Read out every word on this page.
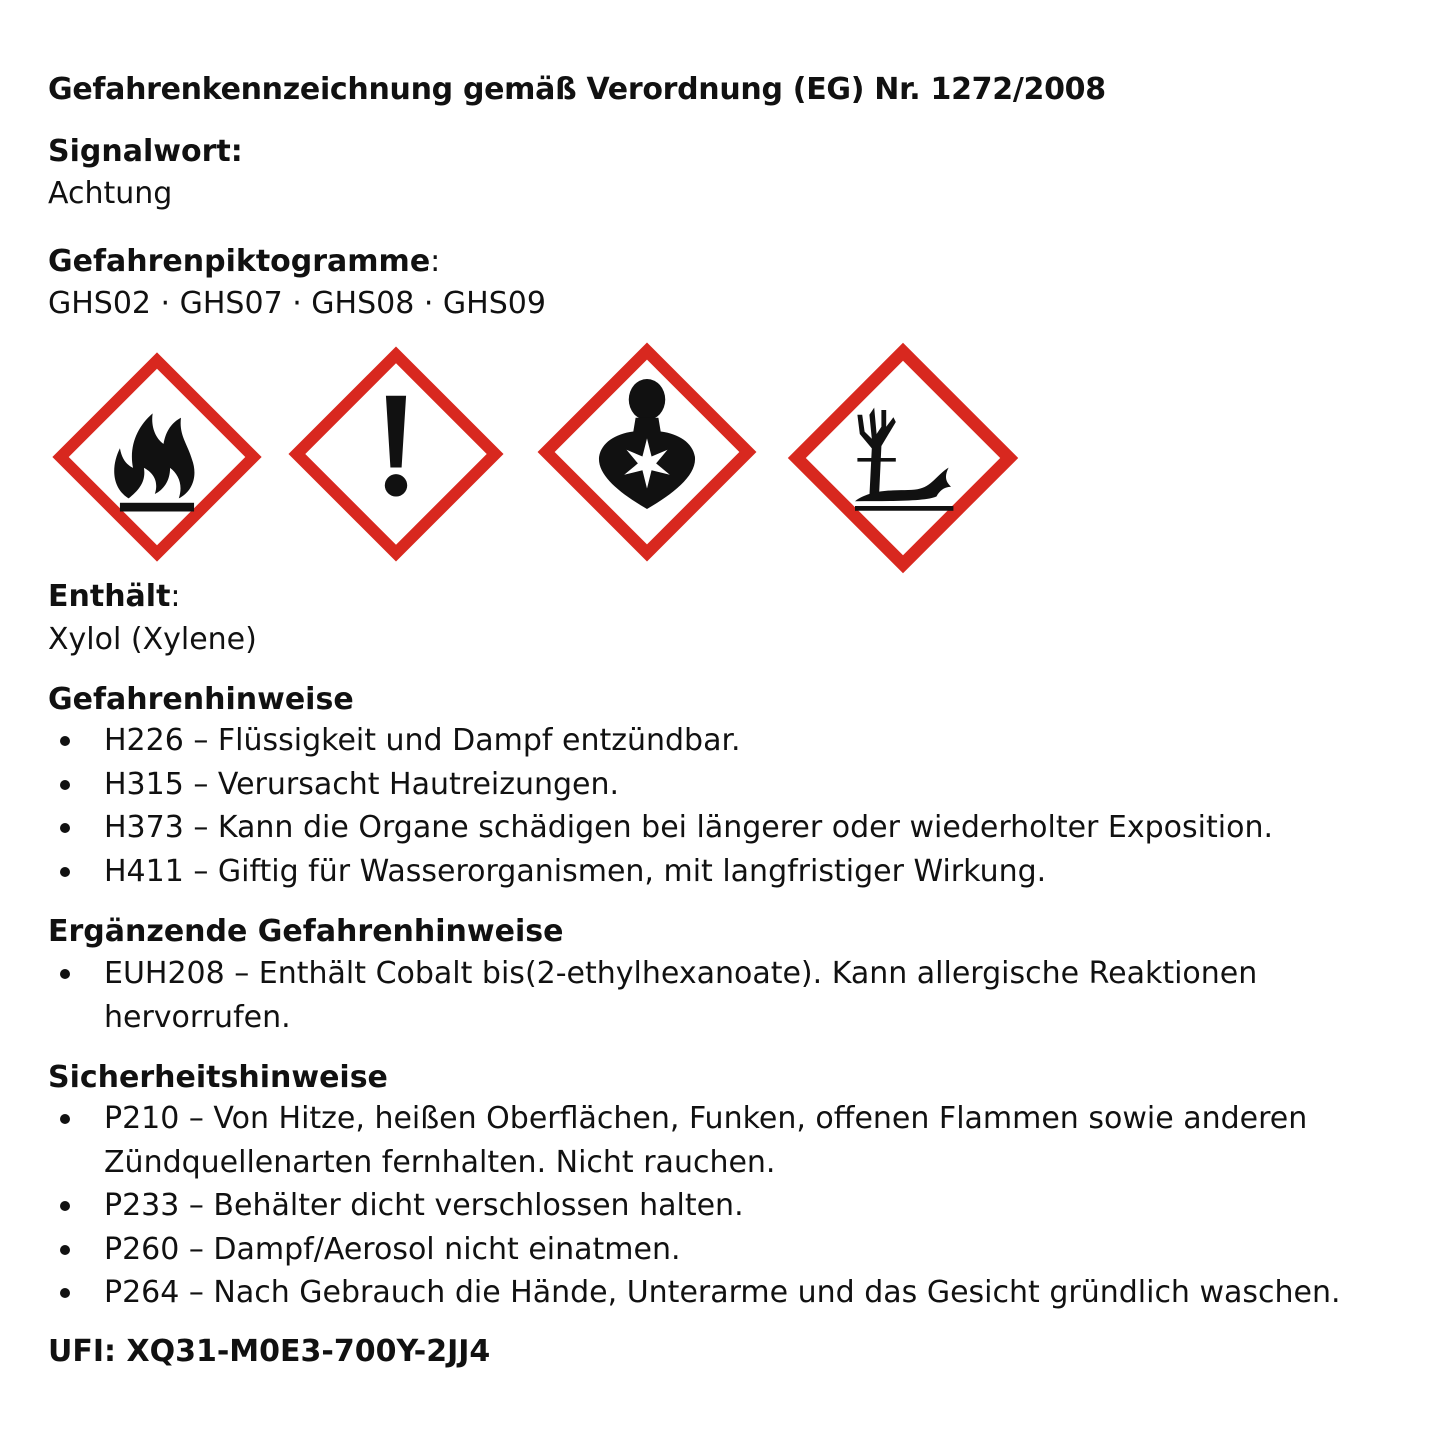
Gefahrenkennzeichnung gemäß Verordnung (EG) Nr. 1272/2008
Signalwort:
Achtung
Gefahrenpiktogramme:
GHS02 · GHS07 · GHS08 · GHS09
Enthält:
Xylol (Xylene)
Gefahrenhinweise
H226 – Flüssigkeit und Dampf entzündbar.
H315 – Verursacht Hautreizungen.
H373 – Kann die Organe schädigen bei längerer oder wiederholter Exposition.
H411 – Giftig für Wasserorganismen, mit langfristiger Wirkung.
Ergänzende Gefahrenhinweise
EUH208 – Enthält Cobalt bis(2-ethylhexanoate). Kann allergische Reaktionen hervorrufen.
Sicherheitshinweise
P210 – Von Hitze, heißen Oberflächen, Funken, offenen Flammen sowie anderen Zündquellenarten fernhalten. Nicht rauchen.
P233 – Behälter dicht verschlossen halten.
P260 – Dampf/Aerosol nicht einatmen.
P264 – Nach Gebrauch die Hände, Unterarme und das Gesicht gründlich waschen.
UFI: XQ31-M0E3-700Y-2JJ4
